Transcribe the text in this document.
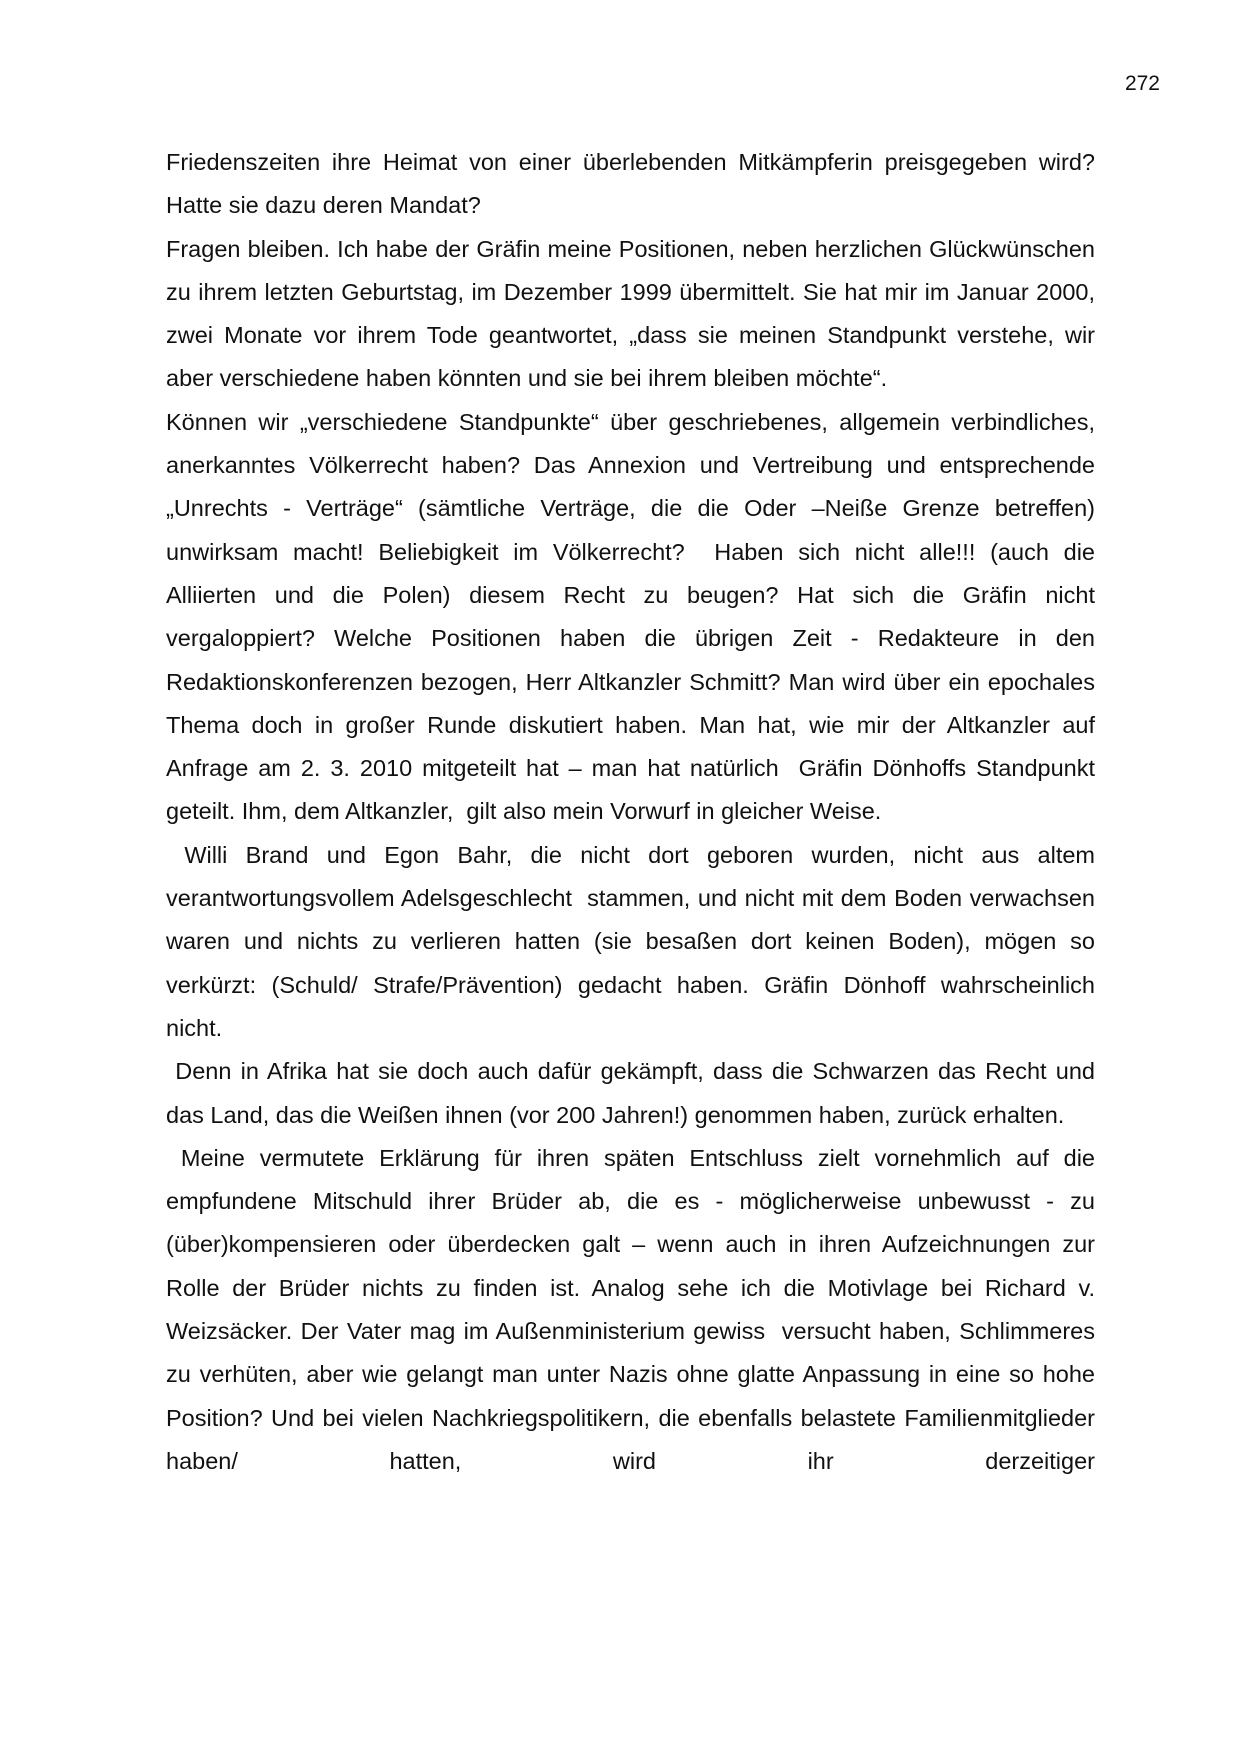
272

Friedenszeiten ihre Heimat von einer überlebenden Mitkämpferin preisgegeben wird? Hatte sie dazu deren Mandat?

Fragen bleiben. Ich habe der Gräfin meine Positionen, neben herzlichen Glückwünschen zu ihrem letzten Geburtstag, im Dezember 1999 übermittelt. Sie hat mir im Januar 2000, zwei Monate vor ihrem Tode geantwortet, „dass sie meinen Standpunkt verstehe, wir aber verschiedene haben könnten und sie bei ihrem bleiben möchte“.

Können wir „verschiedene Standpunkte“ über geschriebenes, allgemein verbindliches,  anerkanntes Völkerrecht haben? Das Annexion und Vertreibung und entsprechende „Unrechts - Verträge“ (sämtliche Verträge, die die Oder –Neiße Grenze betreffen) unwirksam macht! Beliebigkeit im Völkerrecht?  Haben sich nicht alle!!! (auch die Alliierten und die Polen) diesem Recht zu beugen? Hat sich die Gräfin nicht vergaloppiert? Welche Positionen haben die übrigen Zeit - Redakteure in den Redaktionskonferenzen bezogen, Herr Altkanzler Schmitt? Man wird über ein epochales Thema doch in großer Runde diskutiert haben. Man hat, wie mir der Altkanzler auf Anfrage am 2. 3. 2010 mitgeteilt hat – man hat natürlich  Gräfin Dönhoffs Standpunkt geteilt. Ihm, dem Altkanzler,  gilt also mein Vorwurf in gleicher Weise.

Willi Brand und Egon Bahr, die nicht dort geboren wurden, nicht aus altem verantwortungsvollem Adelsgeschlecht  stammen, und nicht mit dem Boden verwachsen waren und nichts zu verlieren hatten (sie besaßen dort keinen Boden), mögen so verkürzt: (Schuld/ Strafe/Prävention) gedacht haben. Gräfin Dönhoff wahrscheinlich  nicht.

Denn in Afrika hat sie doch auch dafür gekämpft, dass die Schwarzen das Recht und das Land, das die Weißen ihnen (vor 200 Jahren!) genommen haben, zurück erhalten.

Meine vermutete Erklärung für ihren späten Entschluss zielt vornehmlich auf die empfundene Mitschuld ihrer Brüder ab, die es - möglicherweise unbewusst - zu (über)kompensieren oder überdecken galt – wenn auch in ihren Aufzeichnungen zur Rolle der Brüder nichts zu finden ist. Analog sehe ich die Motivlage bei Richard v. Weizsäcker. Der Vater mag im Außenministerium gewiss  versucht haben, Schlimmeres zu verhüten, aber wie gelangt man unter Nazis ohne glatte Anpassung in eine so hohe Position? Und bei vielen Nachkriegspolitikern, die ebenfalls belastete Familienmitglieder haben/ hatten, wird ihr derzeitiger
